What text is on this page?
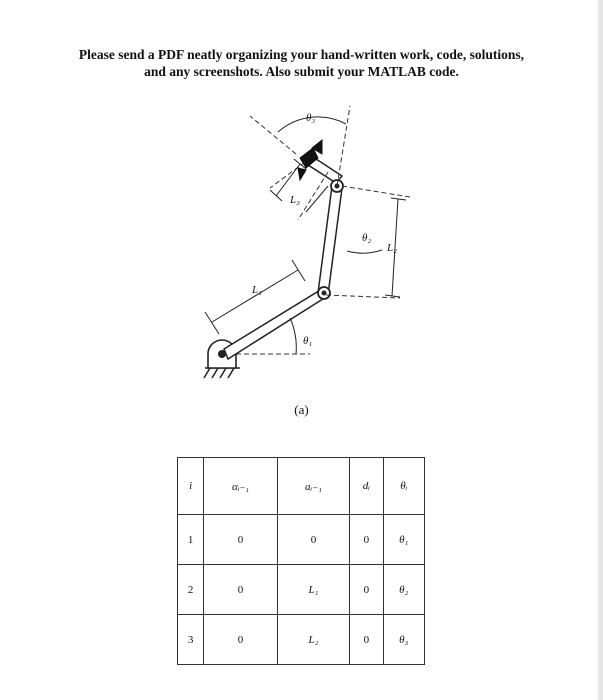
Please send a PDF neatly organizing your hand-written work, code, solutions,
and any screenshots. Also submit your MATLAB code.
L₁
L₂
L₃
θ₁
θ₂
θ₃
(a)
i	αᵢ₋₁	aᵢ₋₁	dᵢ	θᵢ
1	0	0	0	θ₁
2	0	L₁	0	θ₂
3	0	L₂	0	θ₃
